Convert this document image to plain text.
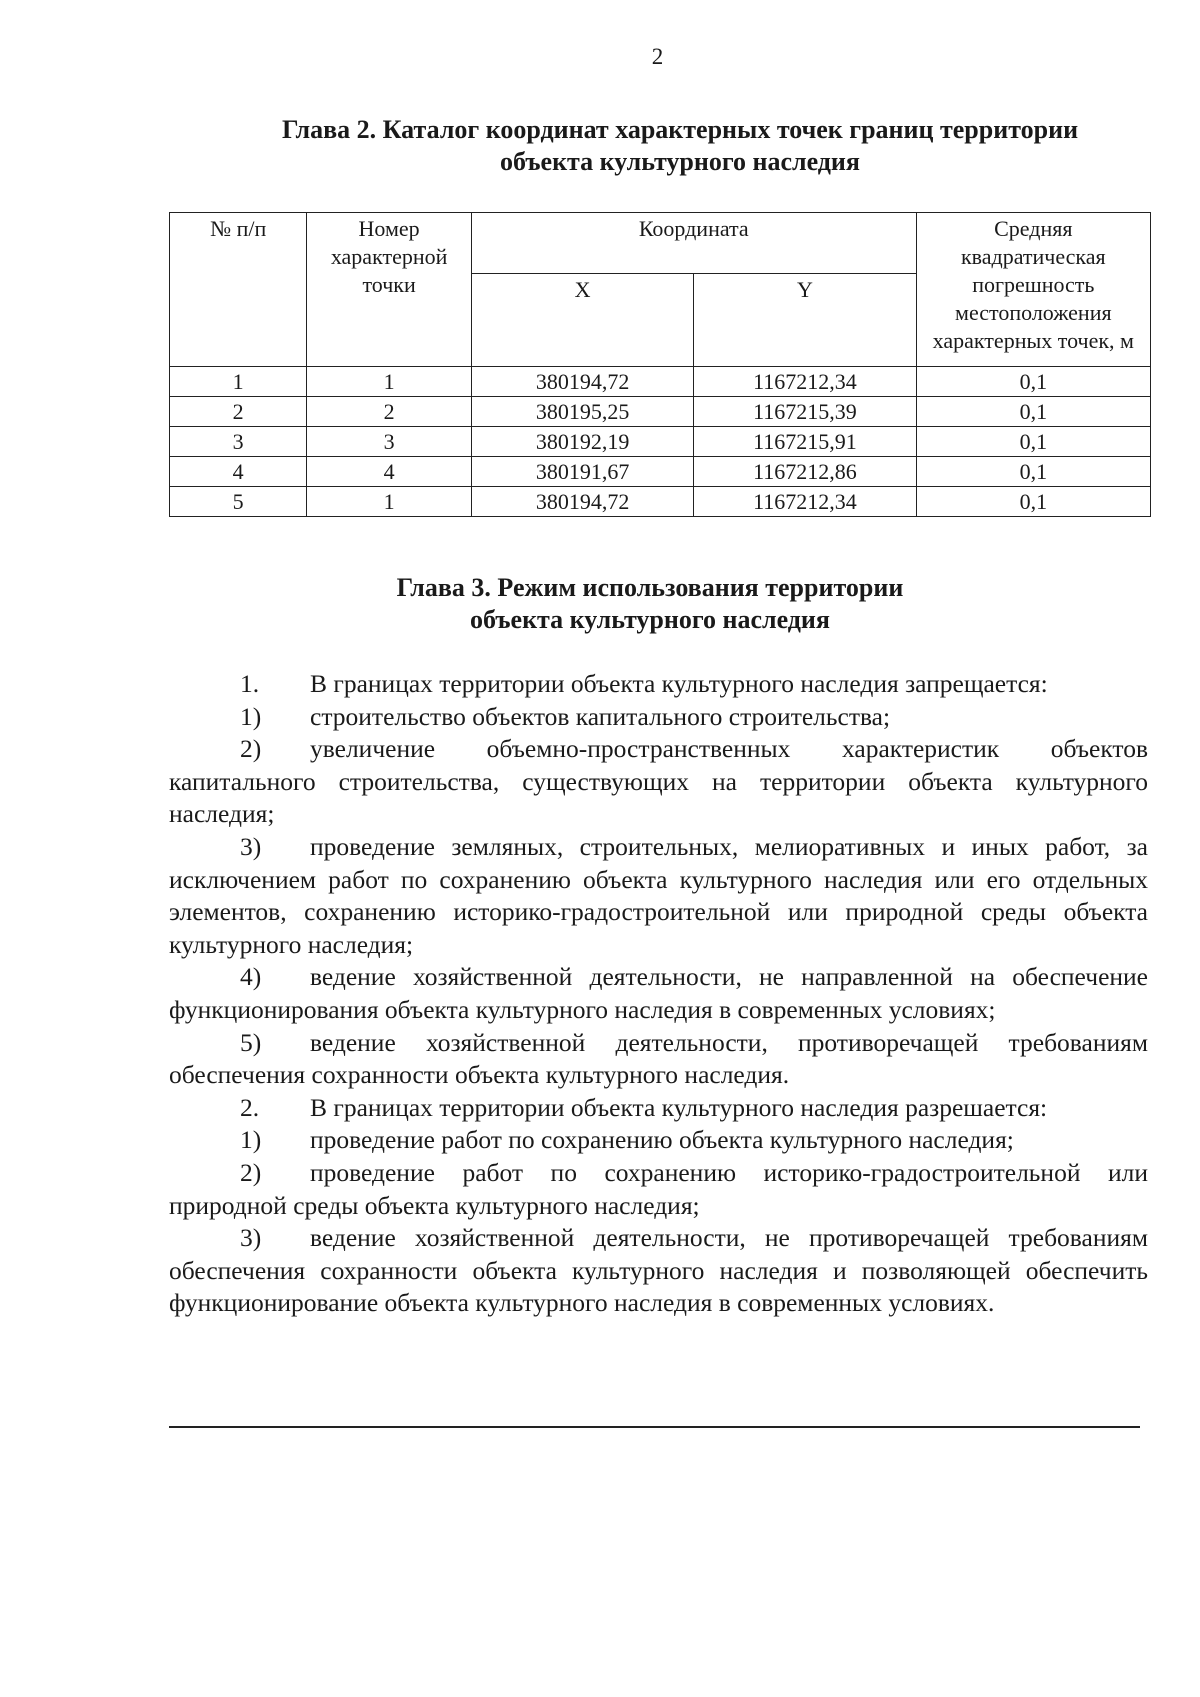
2
Глава 2. Каталог координат характерных точек границ территории
объекта культурного наследия
№ п/п	Номер характерной точки	Координата		Средняя квадратическая погрешность местоположения характерных точек, м
		X	Y	
1	1	380194,72	1167212,34	0,1
2	2	380195,25	1167215,39	0,1
3	3	380192,19	1167215,91	0,1
4	4	380191,67	1167212,86	0,1
5	1	380194,72	1167212,34	0,1
Глава 3. Режим использования территории
объекта культурного наследия

1. В границах территории объекта культурного наследия запрещается:

1) строительство объектов капитального строительства;

2) увеличение объемно-пространственных характеристик объектов капитального строительства, существующих на территории объекта культурного наследия;

3) проведение земляных, строительных, мелиоративных и иных работ, за исключением работ по сохранению объекта культурного наследия или его отдельных элементов, сохранению историко-градостроительной или природной среды объекта культурного наследия;

4) ведение хозяйственной деятельности, не направленной на обеспечение функционирования объекта культурного наследия в современных условиях;

5) ведение хозяйственной деятельности, противоречащей требованиям обеспечения сохранности объекта культурного наследия.

2. В границах территории объекта культурного наследия разрешается:

1) проведение работ по сохранению объекта культурного наследия;

2) проведение работ по сохранению историко-градостроительной или природной среды объекта культурного наследия;

3) ведение хозяйственной деятельности, не противоречащей требованиям обеспечения сохранности объекта культурного наследия и позволяющей обеспечить функционирование объекта культурного наследия в современных условиях.
